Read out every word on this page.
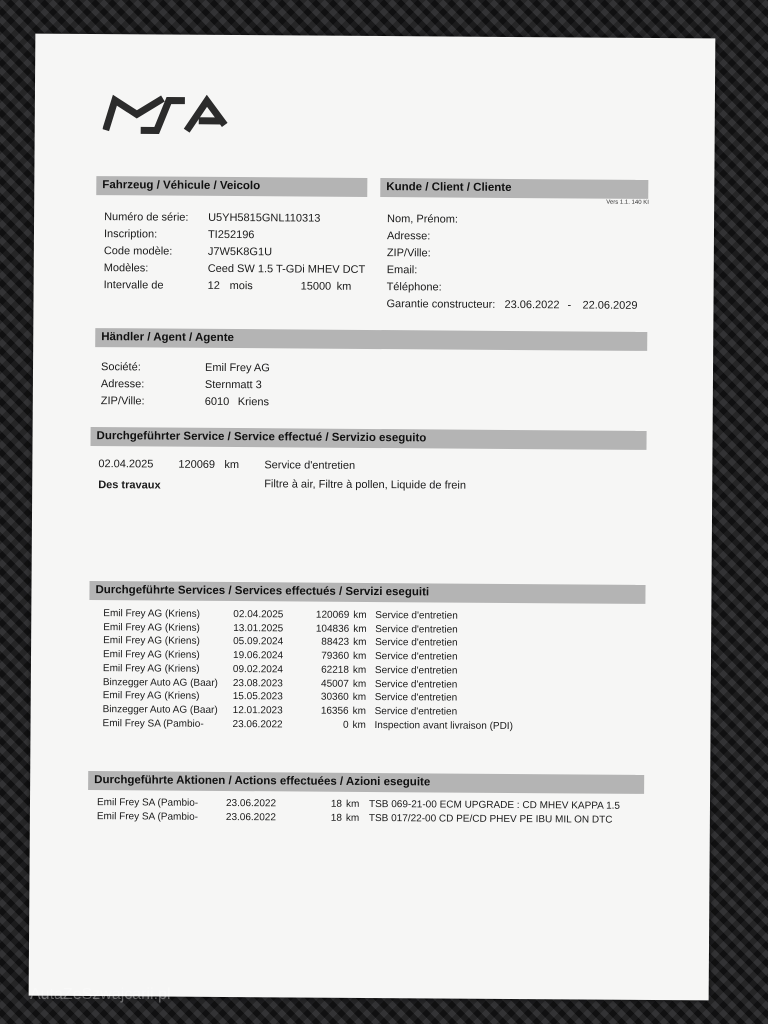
KIA
Fahrzeug / Véhicule / Veicolo
Numéro de série: U5YH5815GNL110313
Inscription:	TI252196
Code modèle:	J7W5K8G1U
Modèles:	Ceed SW 1.5 T-GDi MHEV DCT
Intervalle de	12 mois	15000 km
Kunde / Client / Cliente
Vers 1.1. 140 KI
Nom, Prénom:
Adresse:
ZIP/Ville:
Email:
Téléphone:
Garantie constructeur: 23.06.2022 - 22.06.2029
Händler / Agent / Agente
Société:	Emil Frey AG
Adresse:	Sternmatt 3
ZIP/Ville:	6010 Kriens
Durchgeführter Service / Service effectué / Servizio eseguito
02.04.2025 120069 km Service d'entretien
Des travaux	Filtre à air, Filtre à pollen, Liquide de frein
Durchgeführte Services / Services effectués / Servizi eseguiti
Emil Frey AG (Kriens)	02.04.2025	120069 km Service d'entretien
Emil Frey AG (Kriens)	13.01.2025	104836 km Service d'entretien
Emil Frey AG (Kriens)	05.09.2024	88423 km Service d'entretien
Emil Frey AG (Kriens)	19.06.2024	79360 km Service d'entretien
Emil Frey AG (Kriens)	09.02.2024	62218 km Service d'entretien
Binzegger Auto AG (Baar) 23.08.2023	45007 km Service d'entretien
Emil Frey AG (Kriens)	15.05.2023	30360 km Service d'entretien
Binzegger Auto AG (Baar) 12.01.2023	16356 km Service d'entretien
Emil Frey SA (Pambio-	23.06.2022	0 km Inspection avant livraison (PDI)
Durchgeführte Aktionen / Actions effectuées / Azioni eseguite
Emil Frey SA (Pambio-	23.06.2022	18 km TSB 069-21-00 ECM UPGRADE : CD MHEV KAPPA 1.5
Emil Frey SA (Pambio-	23.06.2022	18 km TSB 017/22-00 CD PE/CD PHEV PE IBU MIL ON DTC
AutaZeSzwajcarii.pl
